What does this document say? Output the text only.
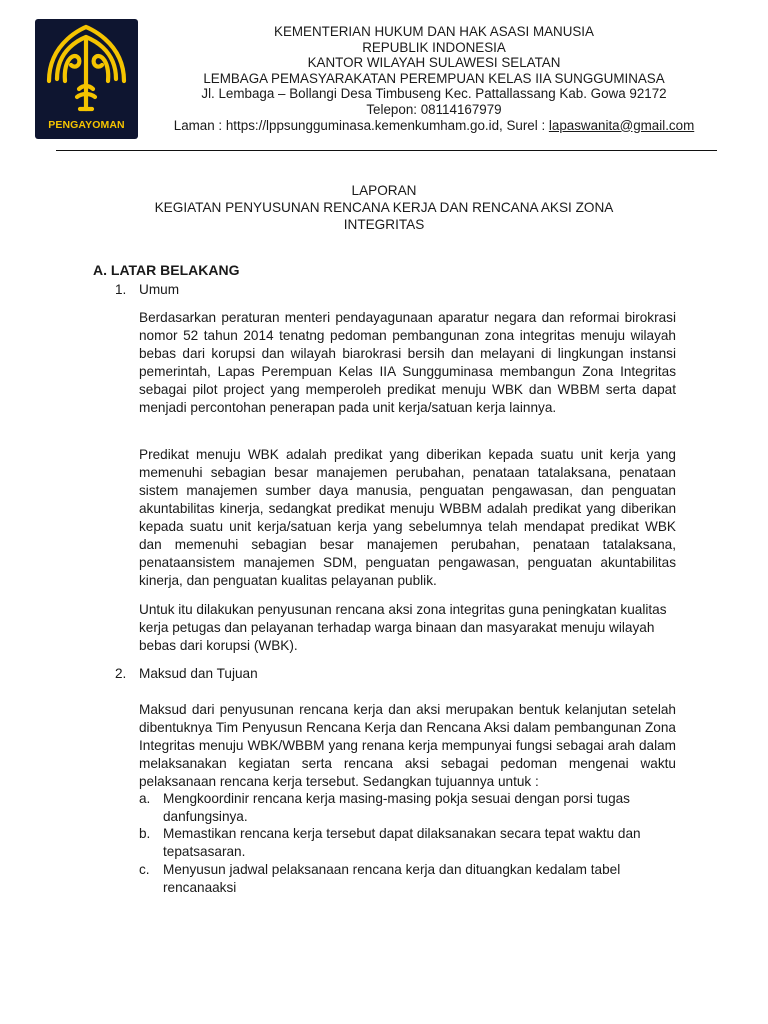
PENGAYOMAN
KEMENTERIAN HUKUM DAN HAK ASASI MANUSIA
REPUBLIK INDONESIA
KANTOR WILAYAH SULAWESI SELATAN
LEMBAGA PEMASYARAKATAN PEREMPUAN KELAS IIA SUNGGUMINASA
Jl. Lembaga – Bollangi Desa Timbuseng Kec. Pattallassang Kab. Gowa 92172
Telepon: 08114167979
Laman : https://lppsungguminasa.kemenkumham.go.id, Surel : lapaswanita@gmail.com
LAPORAN
KEGIATAN PENYUSUNAN RENCANA KERJA DAN RENCANA AKSI ZONA
INTEGRITAS
A. LATAR BELAKANG
1. Umum

Berdasarkan peraturan menteri pendayagunaan aparatur negara dan reformai birokrasi nomor 52 tahun 2014 tenatng pedoman pembangunan zona integritas menuju wilayah bebas dari korupsi dan wilayah biarokrasi bersih dan melayani di lingkungan instansi pemerintah, Lapas Perempuan Kelas IIA Sungguminasa membangun Zona Integritas sebagai pilot project yang memperoleh predikat menuju WBK dan WBBM serta dapat menjadi percontohan penerapan pada unit kerja/satuan kerja lainnya.

Predikat menuju WBK adalah predikat yang diberikan kepada suatu unit kerja yang memenuhi sebagian besar manajemen perubahan, penataan tatalaksana, penataan sistem manajemen sumber daya manusia, penguatan pengawasan, dan penguatan akuntabilitas kinerja, sedangkat predikat menuju WBBM adalah predikat yang diberikan kepada suatu unit kerja/satuan kerja yang sebelumnya telah mendapat predikat WBK dan memenuhi sebagian besar manajemen perubahan, penataan tatalaksana, penataansistem manajemen SDM, penguatan pengawasan, penguatan akuntabilitas kinerja, dan penguatan kualitas pelayanan publik.

Untuk itu dilakukan penyusunan rencana aksi zona integritas guna peningkatan kualitas kerja petugas dan pelayanan terhadap warga binaan dan masyarakat menuju wilayah bebas dari korupsi (WBK).

2. Maksud dan Tujuan

Maksud dari penyusunan rencana kerja dan aksi merupakan bentuk kelanjutan setelah dibentuknya Tim Penyusun Rencana Kerja dan Rencana Aksi dalam pembangunan Zona Integritas menuju WBK/WBBM yang renana kerja mempunyai fungsi sebagai arah dalam melaksanakan kegiatan serta rencana aksi sebagai pedoman mengenai waktu pelaksanaan rencana kerja tersebut. Sedangkan tujuannya untuk :

a. Mengkoordinir rencana kerja masing-masing pokja sesuai dengan porsi tugas danfungsinya.
b. Memastikan rencana kerja tersebut dapat dilaksanakan secara tepat waktu dan tepatsasaran.
c. Menyusun jadwal pelaksanaan rencana kerja dan dituangkan kedalam tabel rencanaaksi
